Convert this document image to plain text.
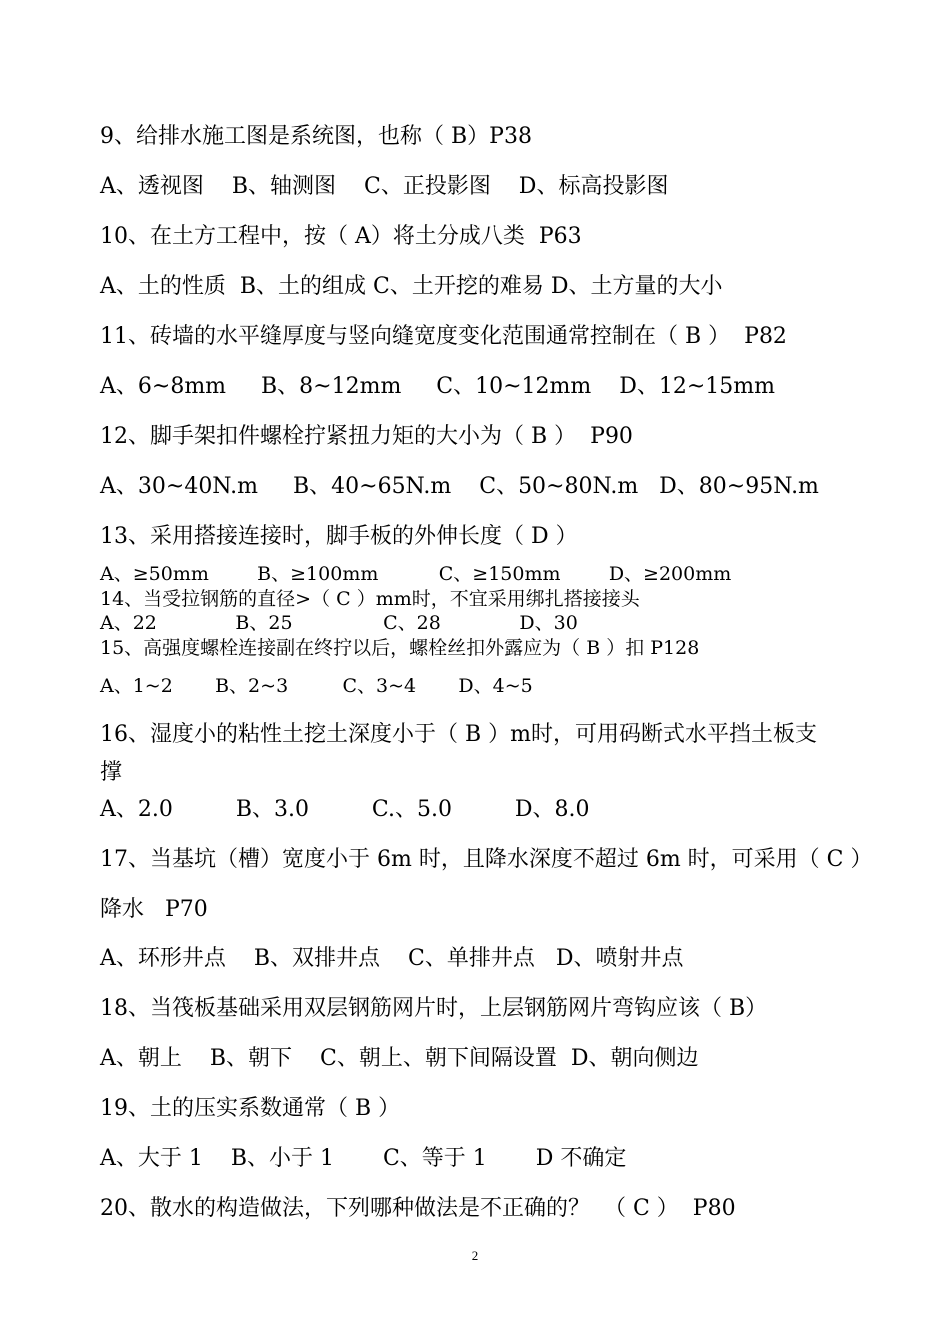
9、给排水施工图是系统图，也称（ B）P38
A、透视图    B、轴测图    C、正投影图    D、标高投影图
10、在土方工程中，按（ A）将土分成八类  P63
A、土的性质  B、土的组成 C、土开挖的难易 D、土方量的大小
11、砖墙的水平缝厚度与竖向缝宽度变化范围通常控制在（ B ）  P82
A、6~8mm     B、8~12mm     C、10~12mm    D、12~15mm
12、脚手架扣件螺栓拧紧扭力矩的大小为（ B ）  P90
A、30~40N.m     B、40~65N.m    C、50~80N.m   D、80~95N.m
13、采用搭接连接时，脚手板的外伸长度（ D ）
A、≥50mm        B、≥100mm          C、≥150mm        D、≥200mm
14、当受拉钢筋的直径>（ C ）mm时，不宜采用绑扎搭接接头
A、22             B、25               C、28             D、30
15、高强度螺栓连接副在终拧以后，螺栓丝扣外露应为（ B ）扣 P128
A、1~2       B、2~3         C、3~4       D、4~5
16、湿度小的粘性土挖土深度小于（ B ）m时，可用码断式水平挡土板支
撑
A、2.0         B、3.0         C.、5.0         D、8.0
17、当基坑（槽）宽度小于 6m 时，且降水深度不超过 6m 时，可采用（ C ）
降水   P70
A、环形井点    B、双排井点    C、单排井点   D、喷射井点
18、当筏板基础采用双层钢筋网片时，上层钢筋网片弯钩应该（ B）
A、朝上    B、朝下    C、朝上、朝下间隔设置  D、朝向侧边
19、土的压实系数通常（ B ）
A、大于 1    B、小于 1       C、等于 1       D 不确定
20、散水的构造做法，下列哪种做法是不正确的？  （ C ）  P80
2
